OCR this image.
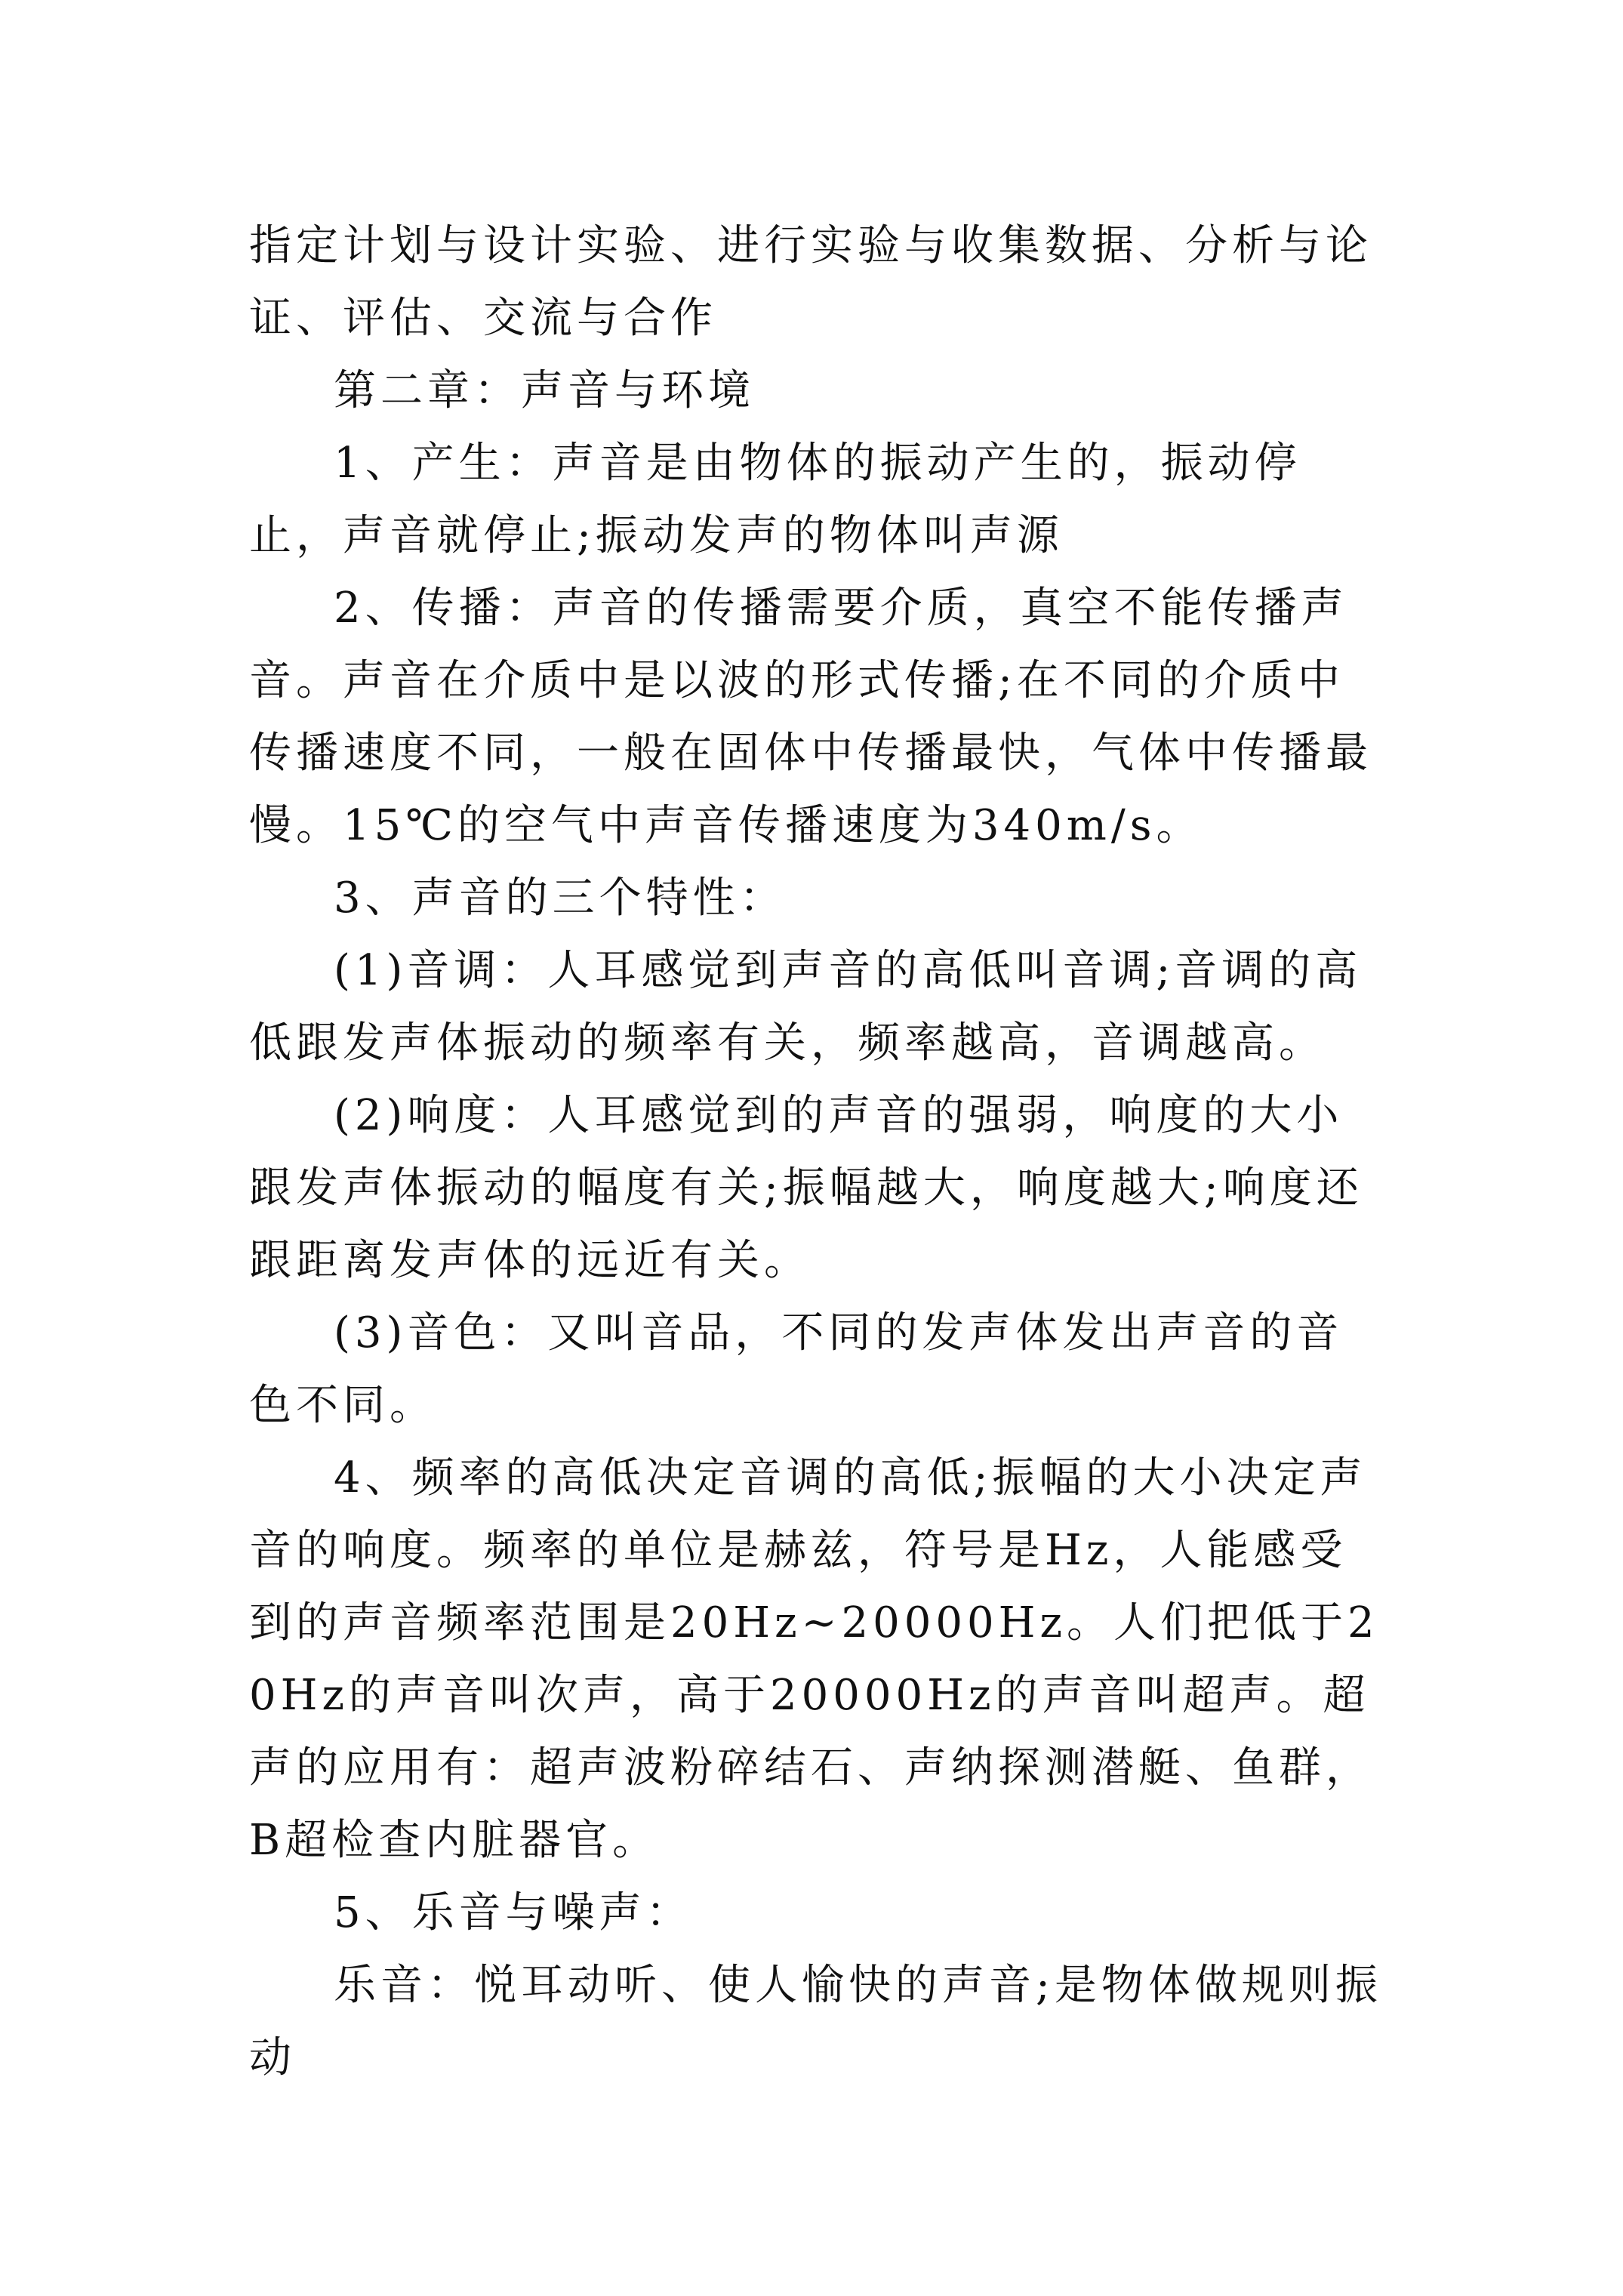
指定计划与设计实验、进行实验与收集数据、分析与论证、评估、交流与合作

第二章：声音与环境

1、产生：声音是由物体的振动产生的，振动停止，声音就停止;振动发声的物体叫声源

2、传播：声音的传播需要介质，真空不能传播声音。声音在介质中是以波的形式传播;在不同的介质中传播速度不同，一般在固体中传播最快，气体中传播最慢。15℃的空气中声音传播速度为340m/s。

3、声音的三个特性：

(1)音调：人耳感觉到声音的高低叫音调;音调的高低跟发声体振动的频率有关，频率越高，音调越高。

(2)响度：人耳感觉到的声音的强弱，响度的大小跟发声体振动的幅度有关;振幅越大，响度越大;响度还跟距离发声体的远近有关。

(3)音色：又叫音品，不同的发声体发出声音的音色不同。

4、频率的高低决定音调的高低;振幅的大小决定声音的响度。频率的单位是赫兹，符号是Hz，人能感受到的声音频率范围是20Hz~20000Hz。人们把低于20Hz的声音叫次声，高于20000Hz的声音叫超声。超声的应用有：超声波粉碎结石、声纳探测潜艇、鱼群，B超检查内脏器官。

5、乐音与噪声：

乐音：悦耳动听、使人愉快的声音;是物体做规则振动
